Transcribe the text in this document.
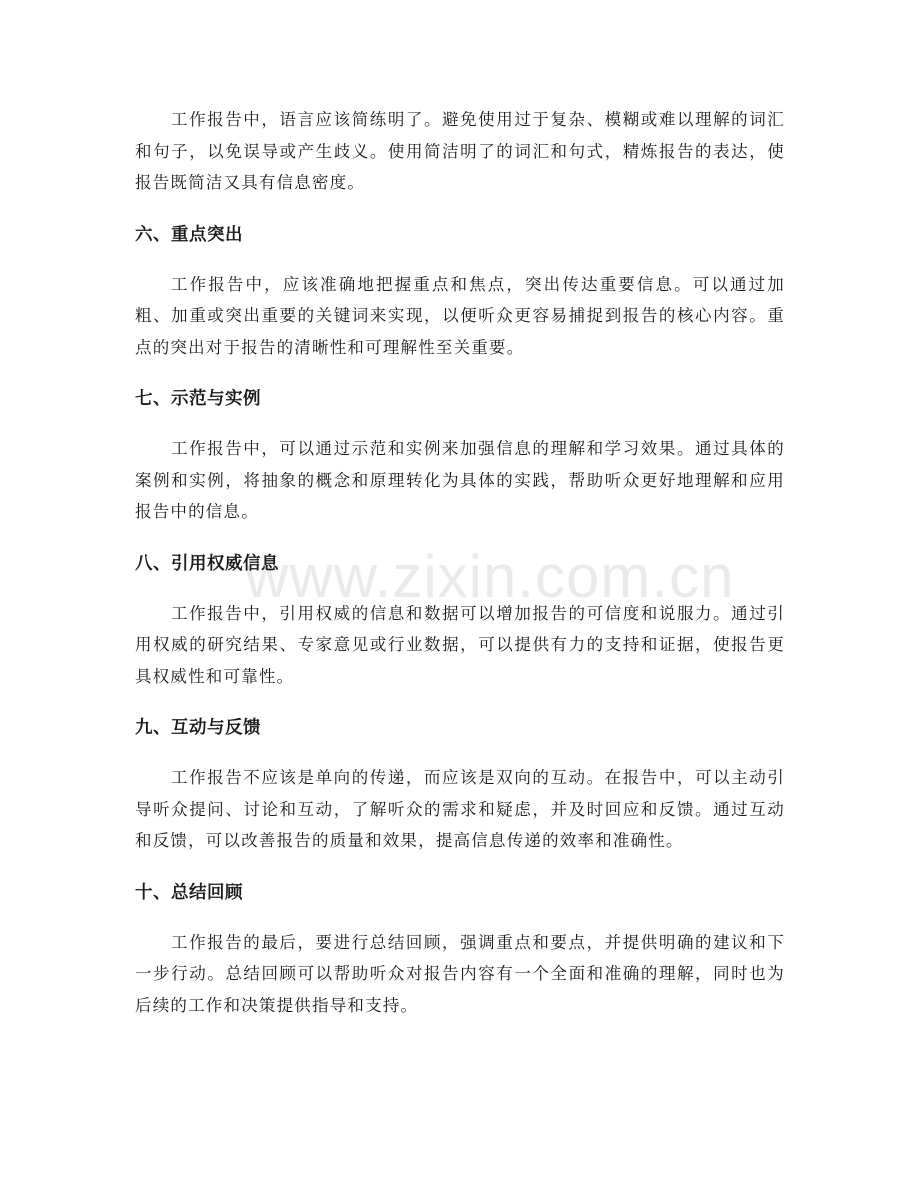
www.zixin.com.cn

工作报告中，语言应该简练明了。避免使用过于复杂、模糊或难以理解的词汇和句子，以免误导或产生歧义。使用简洁明了的词汇和句式，精炼报告的表达，使报告既简洁又具有信息密度。

六、重点突出

工作报告中，应该准确地把握重点和焦点，突出传达重要信息。可以通过加粗、加重或突出重要的关键词来实现，以便听众更容易捕捉到报告的核心内容。重点的突出对于报告的清晰性和可理解性至关重要。

七、示范与实例

工作报告中，可以通过示范和实例来加强信息的理解和学习效果。通过具体的案例和实例，将抽象的概念和原理转化为具体的实践，帮助听众更好地理解和应用报告中的信息。

八、引用权威信息

工作报告中，引用权威的信息和数据可以增加报告的可信度和说服力。通过引用权威的研究结果、专家意见或行业数据，可以提供有力的支持和证据，使报告更具权威性和可靠性。

九、互动与反馈

工作报告不应该是单向的传递，而应该是双向的互动。在报告中，可以主动引导听众提问、讨论和互动，了解听众的需求和疑虑，并及时回应和反馈。通过互动和反馈，可以改善报告的质量和效果，提高信息传递的效率和准确性。

十、总结回顾

工作报告的最后，要进行总结回顾，强调重点和要点，并提供明确的建议和下一步行动。总结回顾可以帮助听众对报告内容有一个全面和准确的理解，同时也为后续的工作和决策提供指导和支持。
